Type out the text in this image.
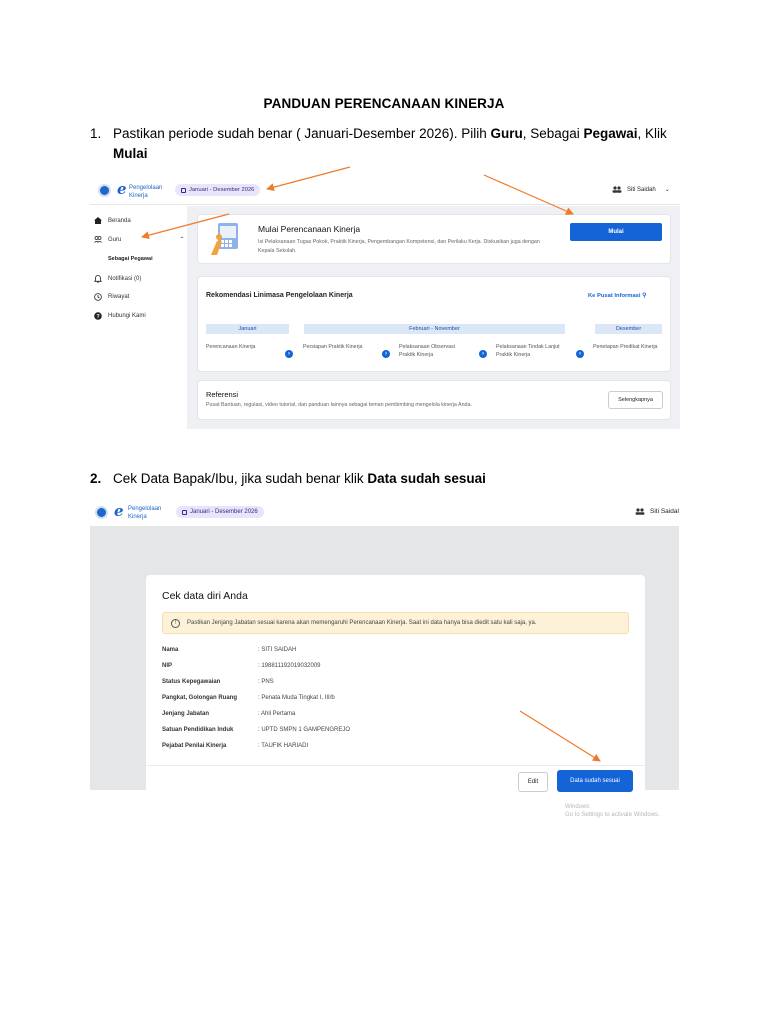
PANDUAN PERENCANAAN KINERJA
1. Pastikan periode sudah benar ( Januari-Desember 2026). Pilih Guru, Sebagai Pegawai, Klik
Mulai
e Pengelolaan
Kinerja
Januari - Desember 2026	Siti Saidah ⌄
Beranda
Guru	⌃
Sebagai Pegawai
Notifikasi (0)
Riwayat
? Hubungi Kami
Mulai Perencanaan Kinerja
Isi Pelaksanaan Tugas Pokok, Praktik Kinerja, Pengembangan Kompetensi, dan Perilaku Kerja. Diskusikan juga dengan Kepala Sekolah.
Mulai
Rekomendasi Linimasa Pengelolaan Kinerja	Ke Pusat Informasi ⚲
Januari	Februari - November	Desember
Perencanaan Kinerja
›
Persiapan Praktik Kinerja
›
Pelaksanaan Observasi Praktik Kinerja	›
Pelaksanaan Tindak Lanjut Praktik Kinerja	›
Penetapan Predikat Kinerja
Referensi
Pusat Bantuan, regulasi, video tutorial, dan panduan lainnya sebagai teman pembimbing mengelola kinerja Anda.
Selengkapnya
2. Cek Data Bapak/Ibu, jika sudah benar klik Data sudah sesuai
e Pengelolaan
Kinerja
Januari - Desember 2026	Siti Saidal
Cek data diri Anda
!	Pastikan Jenjang Jabatan sesuai karena akan memengaruhi Perencanaan Kinerja. Saat ini data hanya bisa diedit satu kali saja, ya.
Nama	: SITI SAIDAH
NIP	: 198811192019032009
Status Kepegawaian	: PNS
Pangkat, Golongan Ruang	: Penata Muda Tingkat I, III/b
Jenjang Jabatan	: Ahli Pertama
Satuan Pendidikan Induk	: UPTD SMPN 1 GAMPENGREJO
Pejabat Penilai Kinerja	: TAUFIK HARIADI
Edit	Data sudah sesuai
Windows
Go to Settings to activate Windows.
